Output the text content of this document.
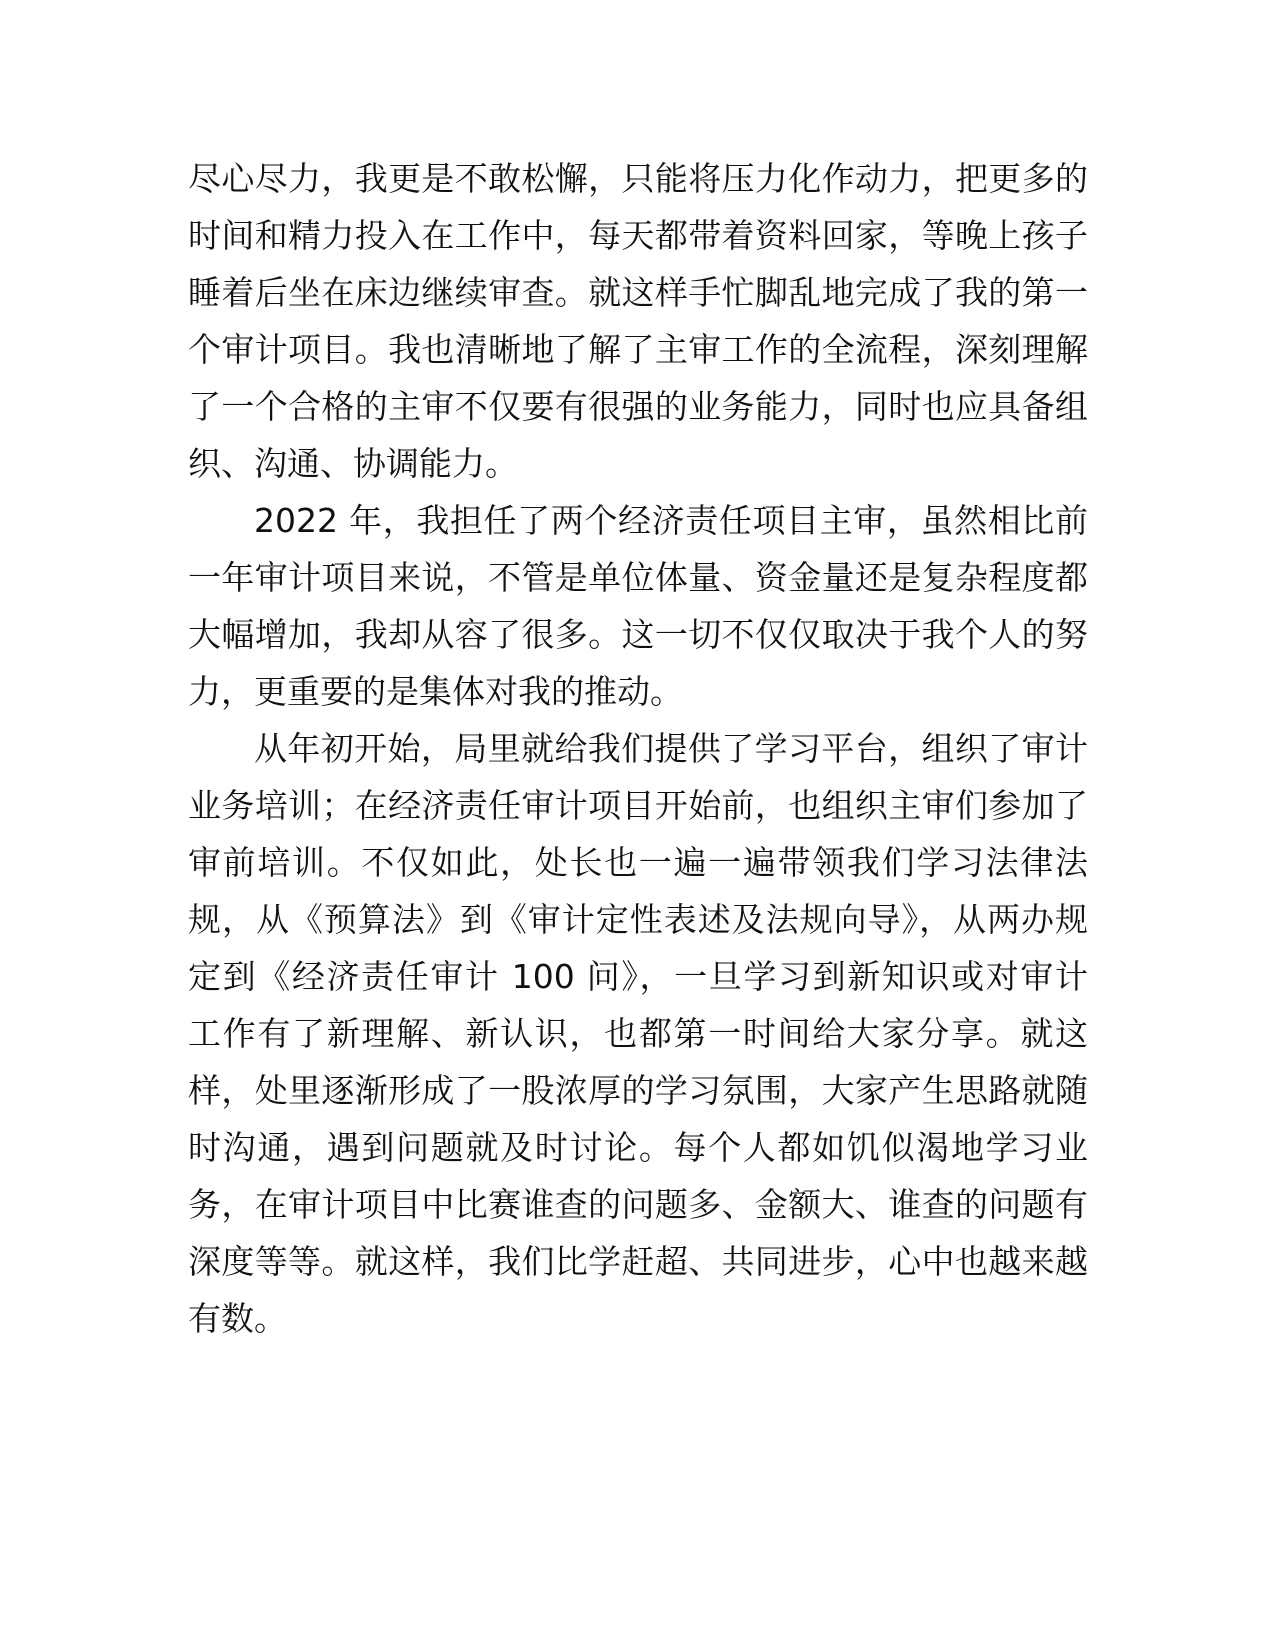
尽心尽力，我更是不敢松懈，只能将压力化作动力，把更多的
时间和精力投入在工作中，每天都带着资料回家，等晚上孩子
睡着后坐在床边继续审查。就这样手忙脚乱地完成了我的第一
个审计项目。我也清晰地了解了主审工作的全流程，深刻理解
了一个合格的主审不仅要有很强的业务能力，同时也应具备组
织、沟通、协调能力。
2022 年，我担任了两个经济责任项目主审，虽然相比前
一年审计项目来说，不管是单位体量、资金量还是复杂程度都
大幅增加，我却从容了很多。这一切不仅仅取决于我个人的努
力，更重要的是集体对我的推动。
从年初开始，局里就给我们提供了学习平台，组织了审计
业务培训；在经济责任审计项目开始前，也组织主审们参加了
审前培训。不仅如此，处长也一遍一遍带领我们学习法律法
规，从《预算法》到《审计定性表述及法规向导》，从两办规
定到《经济责任审计 100 问》，一旦学习到新知识或对审计
工作有了新理解、新认识，也都第一时间给大家分享。就这
样，处里逐渐形成了一股浓厚的学习氛围，大家产生思路就随
时沟通，遇到问题就及时讨论。每个人都如饥似渴地学习业
务，在审计项目中比赛谁查的问题多、金额大、谁查的问题有
深度等等。就这样，我们比学赶超、共同进步，心中也越来越
有数。
